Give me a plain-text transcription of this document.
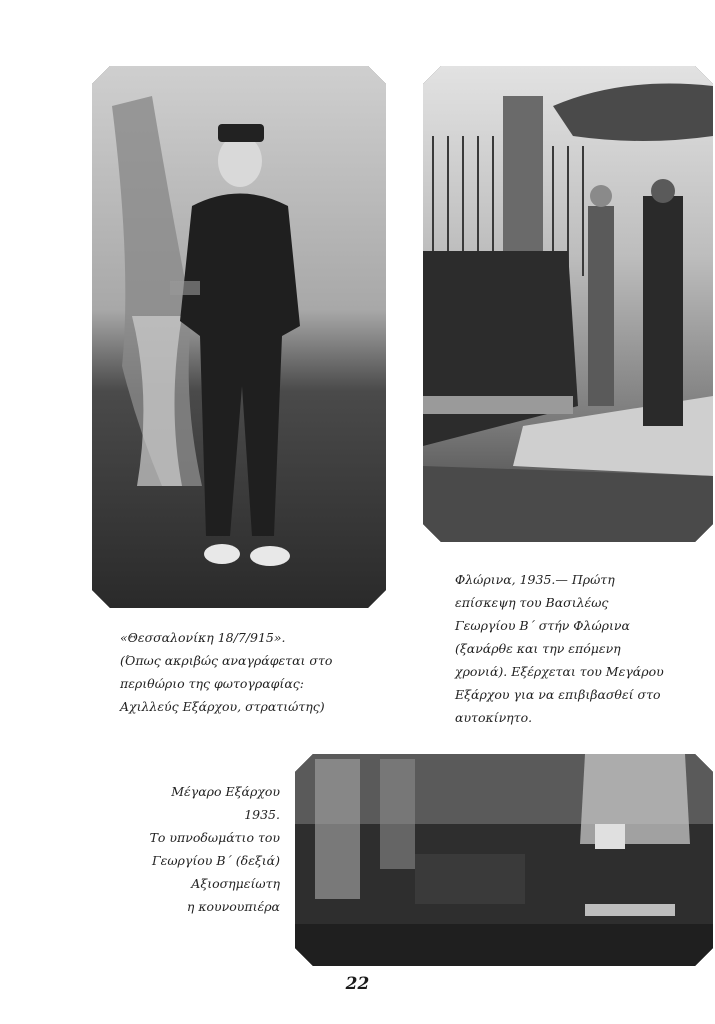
«Θεσσαλονίκη 18/7/915».
(Όπως ακριβώς αναγράφεται στο
περιθώριο της φωτογραφίας:
Αχιλλεύς Εξάρχου, στρατιώτης)
Φλώρινα, 1935.— Πρώτη
επίσκεψη του Βασιλέως
Γεωργίου Β΄ στήν Φλώρινα
(ξανάρθε και την επόμενη
χρονιά). Εξέρχεται του Μεγάρου
Εξάρχου για να επιβιβασθεί στο
αυτοκίνητο.
Μέγαρο Εξάρχου
1935.
Το υπνοδωμάτιο του
Γεωργίου Β΄ (δεξιά)
Αξιοσημείωτη
η κουνουπιέρα
22
